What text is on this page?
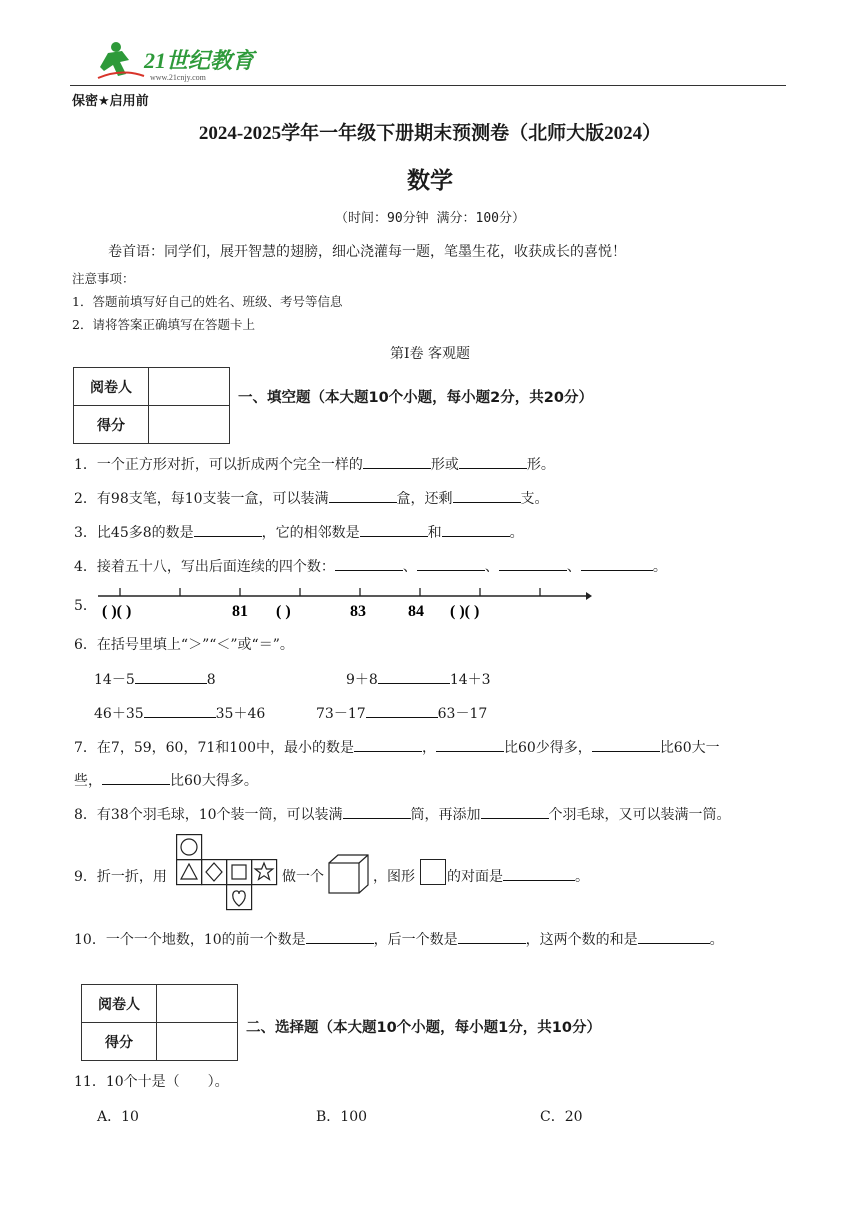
21世纪教育
www.21cnjy.com
保密★启用前
2024-2025学年一年级下册期末预测卷（北师大版2024）
数学
（时间：90分钟 满分：100分）
卷首语：同学们，展开智慧的翅膀，细心浇灌每一题，笔墨生花，收获成长的喜悦！
注意事项：
1．答题前填写好自己的姓名、班级、考号等信息
2．请将答案正确填写在答题卡上
第Ⅰ卷 客观题
阅卷人	
得分	
一、填空题（本大题10个小题，每小题2分，共20分）
1．一个正方形对折，可以折成两个完全一样的	形或	形。
2．有98支笔，每10支装一盒，可以装满	盒，还剩	支。
3．比45多8的数是	，它的相邻数是	和	。
4．接着五十八，写出后面连续的四个数：	、	、	、	。
5． ( )( )	81 ( )	83	84 ( )( )
6．在括号里填上“＞”“＜”或“＝”。
14－5	8	9＋8	14＋3
46＋35	35＋46	73－17	63－17
7．在7，59，60，71和100中，最小的数是	，	比60少得多，	比60大一
些，	比60大得多。
8．有38个羽毛球，10个装一筒，可以装满	筒，再添加	个羽毛球，又可以装满一筒。
9．折一折，用	做一个	，图形 的对面是	。
10．一个一个地数，10的前一个数是	，后一个数是	，这两个数的和是	。
阅卷人	
得分	
二、选择题（本大题10个小题，每小题1分，共10分）
11．10个十是（　　）。
A．10	B．100	C．20
